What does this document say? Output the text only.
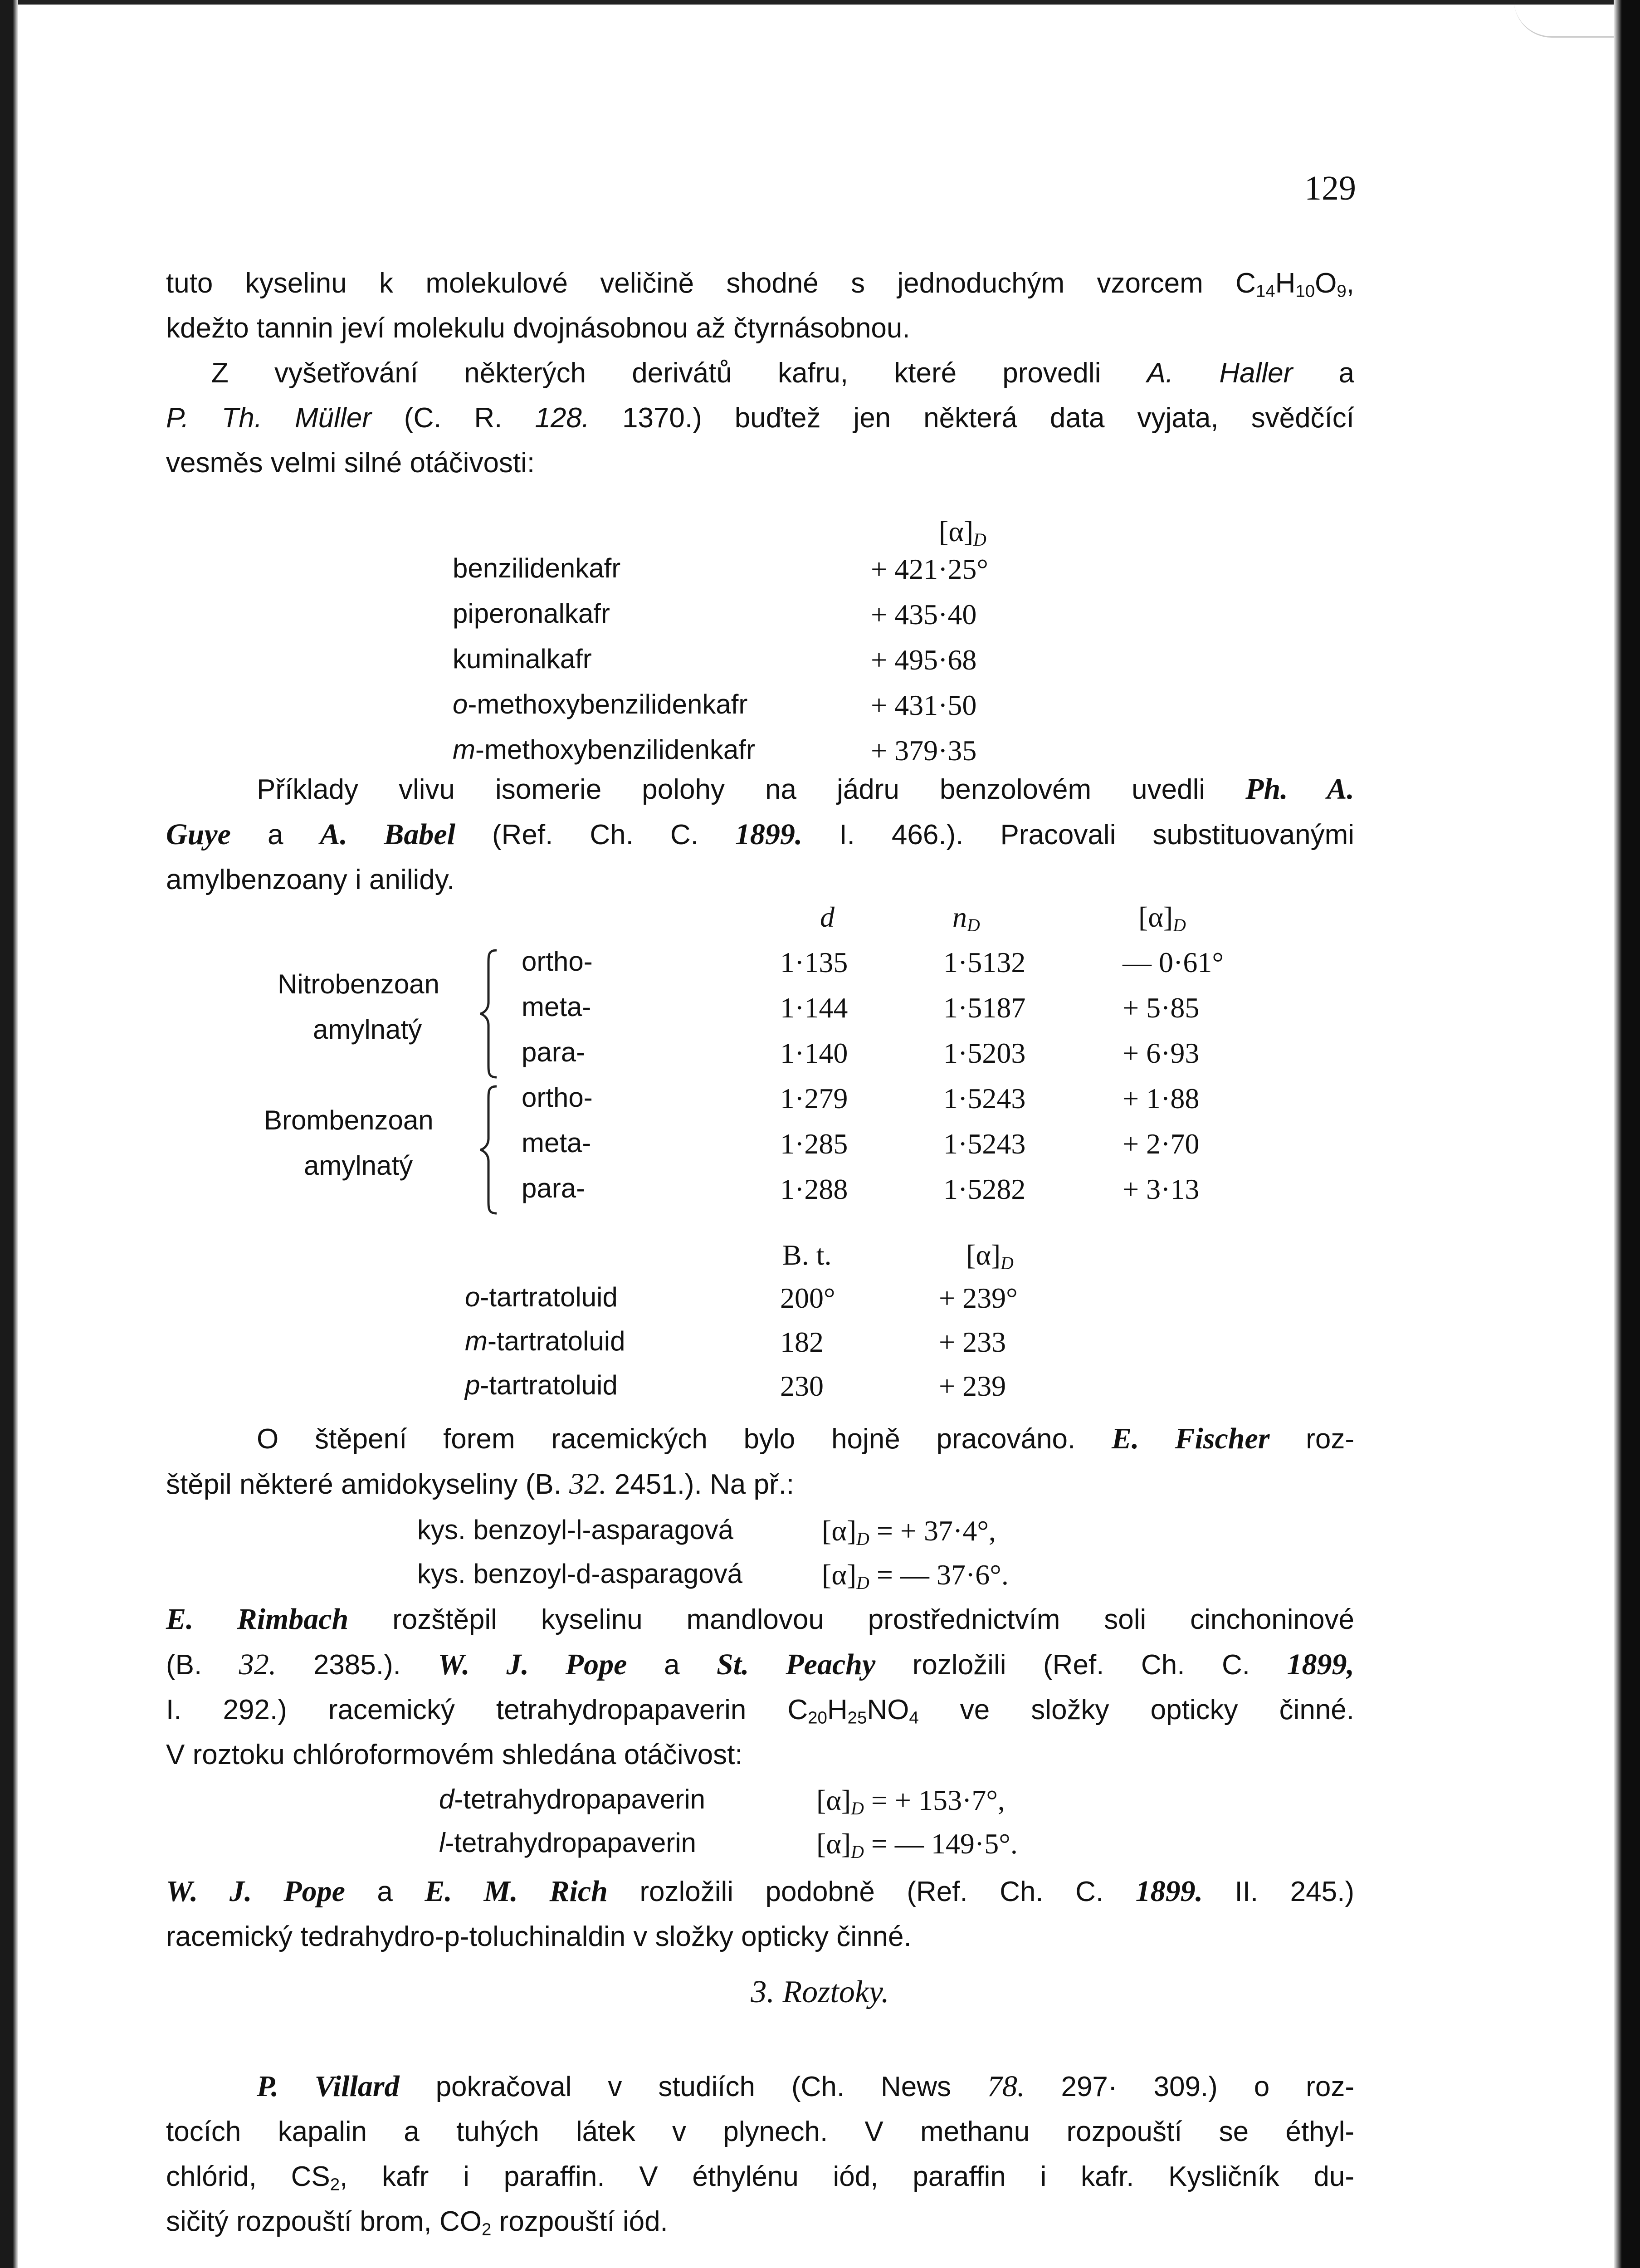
129
tuto kyselinu k molekulové veličině shodné s jednoduchým vzorcem $C_{14}H_{10}O_9$,
kdežto tannin jeví molekulu dvojnásobnou až čtyrnásobnou.
Z vyšetřování některých derivátů kafru, které provedli A. Haller a
P. Th. Müller (C. R. 128. 1370.) buďtež jen některá data vyjata, svědčící
vesměs velmi silné otáčivosti:
$[\alpha]_D$
benzilidenkafr	+ 421·25°
piperonalkafr	+ 435·40
kuminalkafr	+ 495·68
o-methoxybenzilidenkafr	+ 431·50
m-methoxybenzilidenkafr	+ 379·35
Příklady vlivu isomerie polohy na jádru benzolovém uvedli Ph. A.
Guye a A. Babel (Ref. Ch. C. 1899. I. 466.). Pracovali substituovanými
amylbenzoany i anilidy.
d	$n_D$	$[\alpha]_D$
Nitrobenzoan
amylnatý
ortho-	1·135	1·5132	— 0·61°
meta-	1·144	1·5187	+ 5·85
para-	1·140	1·5203	+ 6·93
Brombenzoan
amylnatý
ortho-	1·279	1·5243	+ 1·88
meta-	1·285	1·5243	+ 2·70
para-	1·288	1·5282	+ 3·13
B. t.	$[\alpha]_D$
o-tartratoluid	200°	+ 239°
m-tartratoluid	182	+ 233
p-tartratoluid	230	+ 239
O štěpení forem racemických bylo hojně pracováno. E. Fischer roz-
štěpil některé amidokyseliny (B. 32. 2451.). Na př.:
kys. benzoyl-l-asparagová	$[\alpha]_D$ = + 37·4°,
kys. benzoyl-d-asparagová	$[\alpha]_D$ = — 37·6°.
E. Rimbach rozštěpil kyselinu mandlovou prostřednictvím soli cinchoninové
(B. 32. 2385.). W. J. Pope a St. Peachy rozložili (Ref. Ch. C. 1899,
I. 292.) racemický tetrahydropapaverin $C_{20}H_{25}NO_4$ ve složky opticky činné.
V roztoku chlóroformovém shledána otáčivost:
d-tetrahydropapaverin	$[\alpha]_D$ = + 153·7°,
l-tetrahydropapaverin	$[\alpha]_D$ = — 149·5°.
W. J. Pope a E. M. Rich rozložili podobně (Ref. Ch. C. 1899. II. 245.)
racemický tedrahydro-p-toluchinaldin v složky opticky činné.
3. Roztoky.
P. Villard pokračoval v studiích (Ch. News 78. 297· 309.) o roz-
tocích kapalin a tuhých látek v plynech. V methanu rozpouští se éthyl-
chlórid, $CS_2$, kafr i paraffin. V éthylénu iód, paraffin i kafr. Kysličník du-
sičitý rozpouští brom, $CO_2$ rozpouští iód.
